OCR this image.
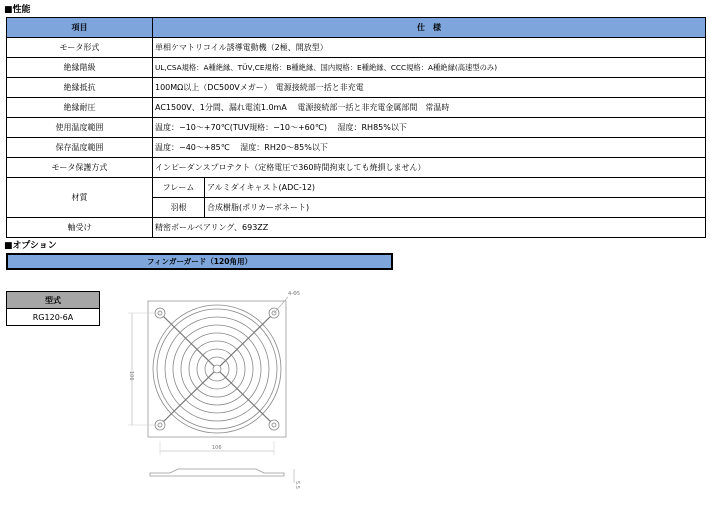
■性能
項目	仕　様	
モータ形式	単相ケマトリコイル誘導電動機（2極、開放型）	
絶縁階級	UL,CSA規格：A種絶縁、TÜV,CE規格：B種絶縁、国内規格：E種絶縁、CCC規格：A種絶縁(高速型のみ)	
絶縁抵抗	100MΩ以上（DC500Vメガー）　電源接続部一括と非充電	
絶縁耐圧	AC1500V、1分間、漏れ電流1.0mA　 電源接続部一括と非充電金属部間　常温時	
使用温度範囲	温度：−10～+70℃(TUV規格：−10～+60℃)　 湿度：RH85%以下	
保存温度範囲	温度：−40～+85℃　 湿度：RH20～85%以下	
モータ保護方式	インピーダンスプロテクト（定格電圧で360時間拘束しても焼損しません）	
材質	フレーム	アルミダイキャスト(ADC-12)
	羽根	合成樹脂(ポリカーボネート)
軸受け	精密ボールベアリング、693ZZ	
■オプション
フィンガーガード（120角用）
型式
RG120-6A
4-Φ5
106
106
5.5
